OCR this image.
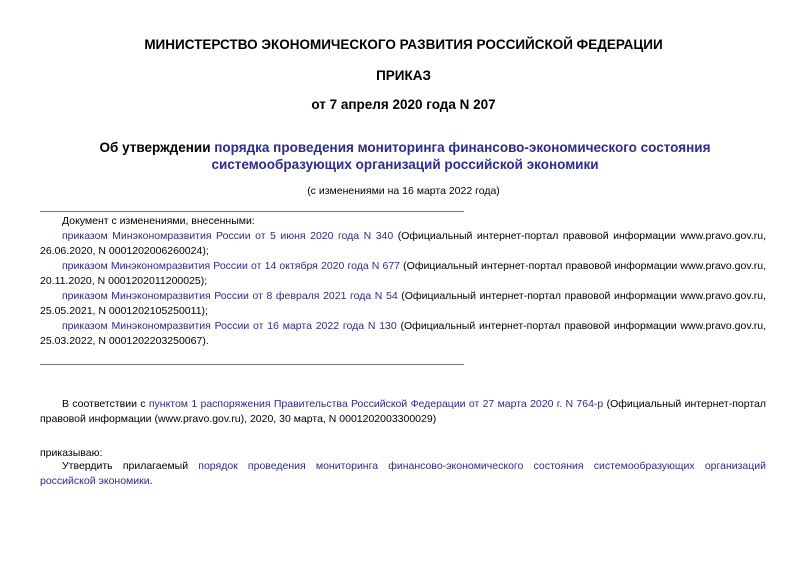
МИНИСТЕРСТВО ЭКОНОМИЧЕСКОГО РАЗВИТИЯ РОССИЙСКОЙ ФЕДЕРАЦИИ
ПРИКАЗ
от 7 апреля 2020 года N 207
Об утверждении порядка проведения мониторинга финансово-экономического состояния системообразующих организаций российской экономики
(с изменениями на 16 марта 2022 года)
Документ с изменениями, внесенными:
приказом Минэкономразвития России от 5 июня 2020 года N 340 (Официальный интернет-портал правовой информации www.pravo.gov.ru, 26.06.2020, N 0001202006260024);
приказом Минэкономразвития России от 14 октября 2020 года N 677 (Официальный интернет-портал правовой информации www.pravo.gov.ru, 20.11.2020, N 0001202011200025);
приказом Минэкономразвития России от 8 февраля 2021 года N 54 (Официальный интернет-портал правовой информации www.pravo.gov.ru, 25.05.2021, N 0001202105250011);
приказом Минэкономразвития России от 16 марта 2022 года N 130 (Официальный интернет-портал правовой информации www.pravo.gov.ru, 25.03.2022, N 0001202203250067).

В соответствии с пунктом 1 распоряжения Правительства Российской Федерации от 27 марта 2020 г. N 764-р (Официальный интернет-портал правовой информации (www.pravo.gov.ru), 2020, 30 марта, N 0001202003300029)

приказываю:

Утвердить прилагаемый порядок проведения мониторинга финансово-экономического состояния системообразующих организаций российской экономики.
